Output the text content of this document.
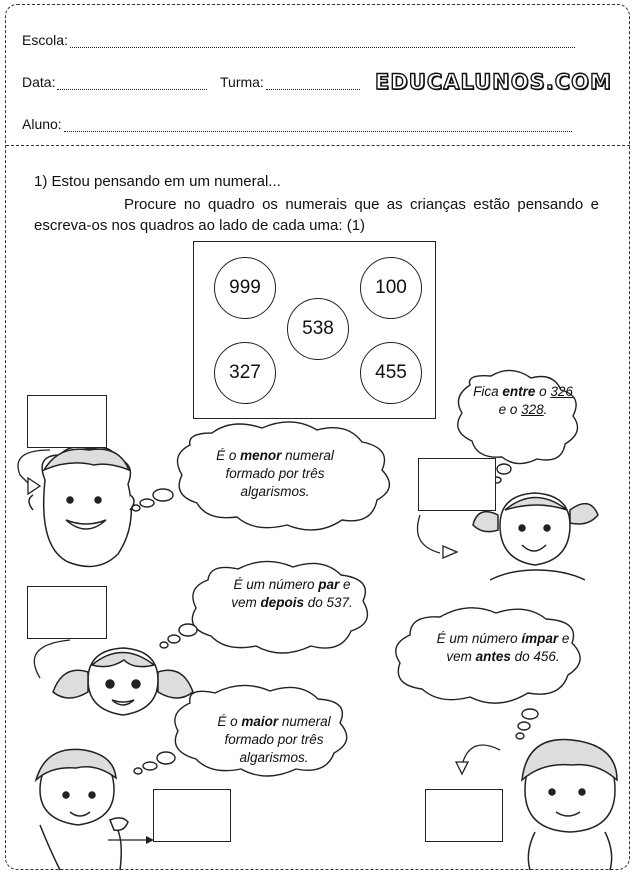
Escola:
Data:	Turma:	EDUCALUNOS.COM
Aluno:
1) Estou pensando em um numeral...
Procure no quadro os numerais que as crianças estão pensando e escreva-os nos quadros ao lado de cada uma: (1)
999	100
538
327	455
É o menor numeral formado por três algarismos.
Fica entre o 326 e o 328.
É um número par e vem depois do 537.
É um número ímpar e vem antes do 456.
É o maior numeral formado por três algarismos.
